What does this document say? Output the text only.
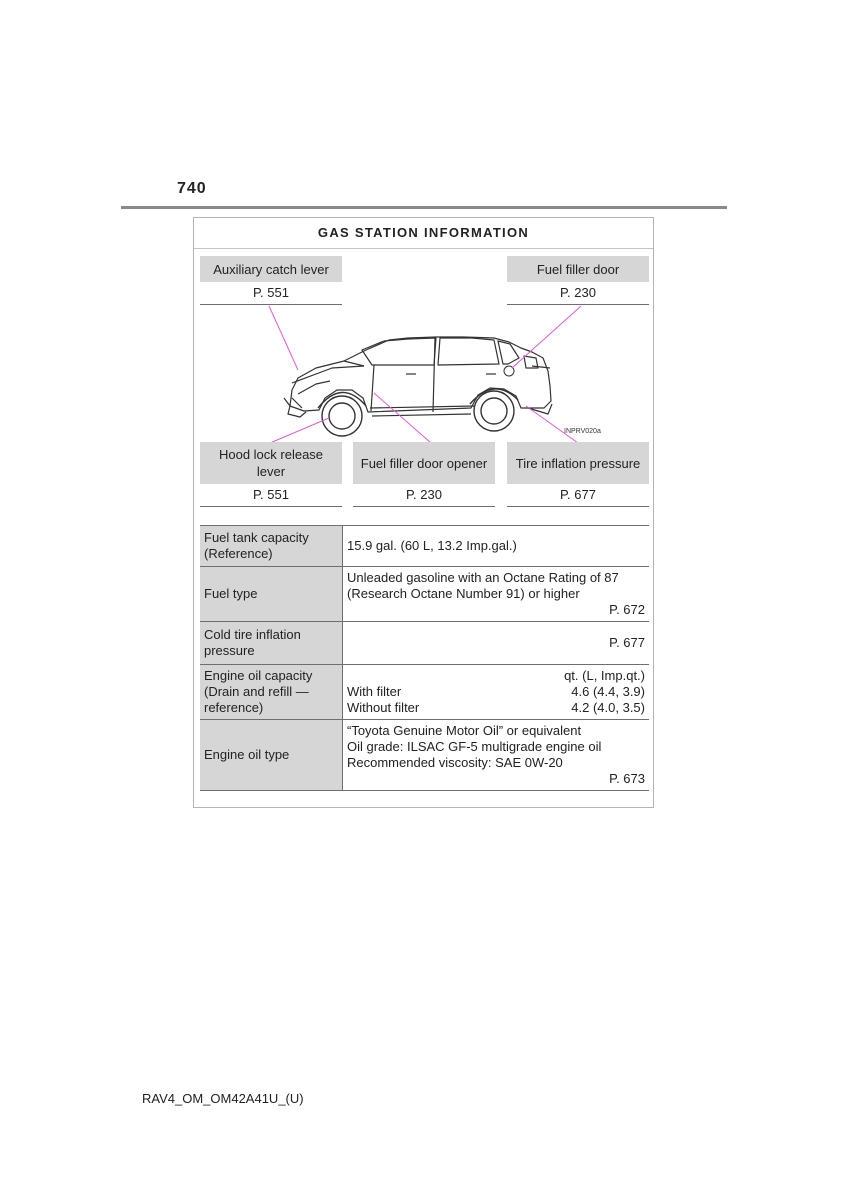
740
GAS STATION INFORMATION
Auxiliary catch lever
P. 551
Fuel filler door
P. 230
INPRV020a
Hood lock release lever
P. 551
Fuel filler door opener
P. 230
Tire inflation pressure
P. 677
Fuel tank capacity (Reference)	15.9 gal. (60 L, 13.2 Imp.gal.)
Fuel type	Unleaded gasoline with an Octane Rating of 87
(Research Octane Number 91) or higher
P. 672

Cold tire inflation pressure	P. 677
Engine oil capacity (Drain and refill — reference)	qt. (L, Imp.qt.)
With filter 4.6 (4.4, 3.9)
Without filter 4.2 (4.0, 3.5)

Engine oil type	“Toyota Genuine Motor Oil” or equivalent
Oil grade: ILSAC GF-5 multigrade engine oil
Recommended viscosity: SAE 0W-20
P. 673
RAV4_OM_OM42A41U_(U)
